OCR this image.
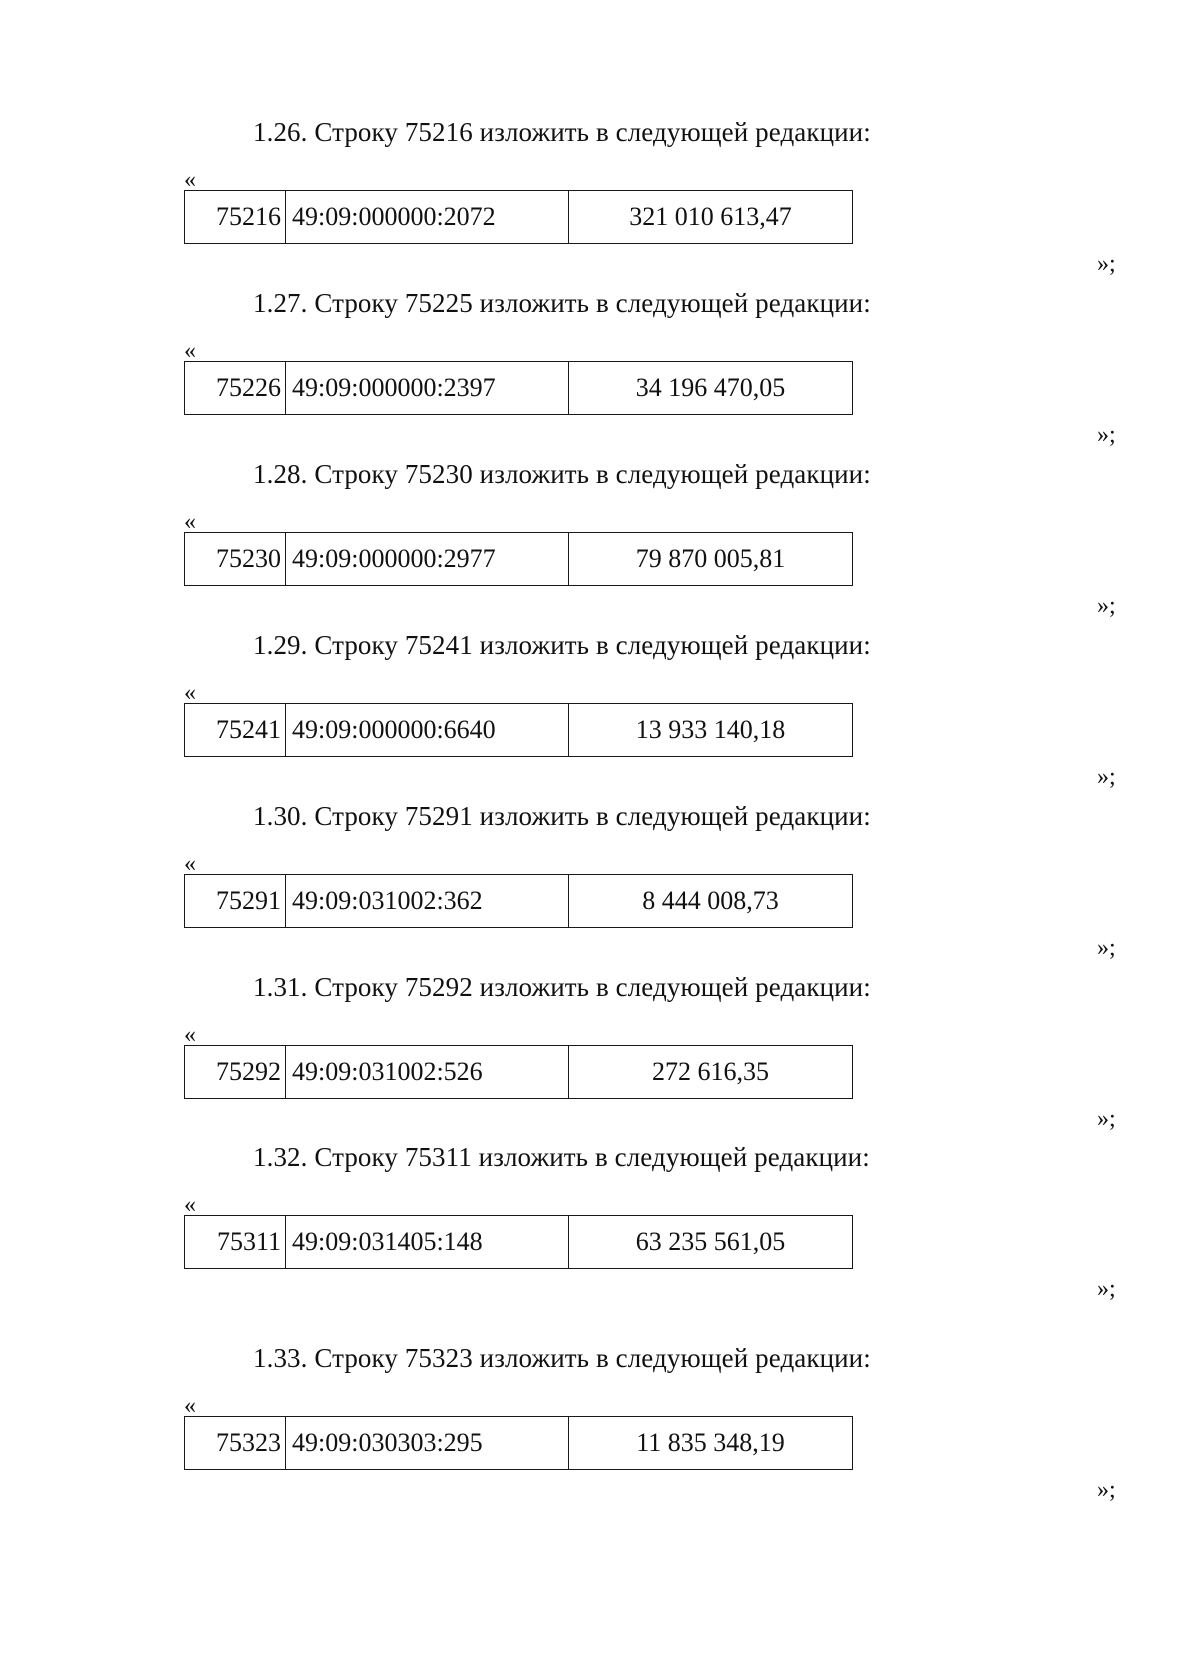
1.26. Строку 75216 изложить в следующей редакции:
«
75216 49:09:000000:2072	321 010 613,47
»;
1.27. Строку 75225 изложить в следующей редакции:
«
75226 49:09:000000:2397	34 196 470,05
»;
1.28. Строку 75230 изложить в следующей редакции:
«
75230 49:09:000000:2977	79 870 005,81
»;
1.29. Строку 75241 изложить в следующей редакции:
«
75241 49:09:000000:6640	13 933 140,18
»;
1.30. Строку 75291 изложить в следующей редакции:
«
75291 49:09:031002:362	8 444 008,73
»;
1.31. Строку 75292 изложить в следующей редакции:
«
75292 49:09:031002:526	272 616,35
»;
1.32. Строку 75311 изложить в следующей редакции:
«
75311 49:09:031405:148	63 235 561,05
»;
1.33. Строку 75323 изложить в следующей редакции:
«
75323 49:09:030303:295	11 835 348,19
»;
